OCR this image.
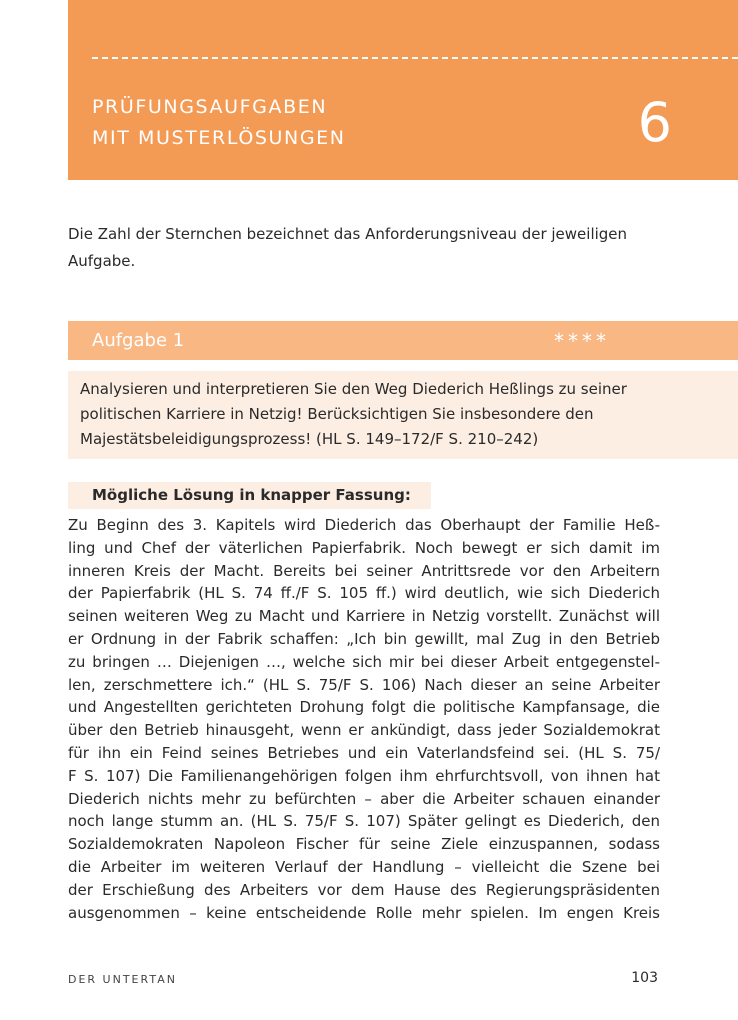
PRÜFUNGSAUFGABEN
MIT MUSTERLÖSUNGEN	6
Die Zahl der Sternchen bezeichnet das Anforderungsniveau der jeweiligen Aufgabe.
Aufgabe 1	****
Analysieren und interpretieren Sie den Weg Diederich Heßlings zu seiner
politischen Karriere in Netzig! Berücksichtigen Sie insbesondere den
Majestätsbeleidigungsprozess! (HL S. 149–172/F S. 210–242)
Mögliche Lösung in knapper Fassung:
Zu Beginn des 3. Kapitels wird Diederich das Oberhaupt der Familie Heß-
ling und Chef der väterlichen Papierfabrik. Noch bewegt er sich damit im
inneren Kreis der Macht. Bereits bei seiner Antrittsrede vor den Arbeitern
der Papierfabrik (HL S. 74 ff./F S. 105 ff.) wird deutlich, wie sich Diederich
seinen weiteren Weg zu Macht und Karriere in Netzig vorstellt. Zunächst will
er Ordnung in der Fabrik schaffen: „Ich bin gewillt, mal Zug in den Betrieb
zu bringen … Diejenigen …, welche sich mir bei dieser Arbeit entgegenstel-
len, zerschmettere ich.“ (HL S. 75/F S. 106) Nach dieser an seine Arbeiter
und Angestellten gerichteten Drohung folgt die politische Kampfansage, die
über den Betrieb hinausgeht, wenn er ankündigt, dass jeder Sozialdemokrat
für ihn ein Feind seines Betriebes und ein Vaterlandsfeind sei. (HL S. 75/
F S. 107) Die Familienangehörigen folgen ihm ehrfurchtsvoll, von ihnen hat
Diederich nichts mehr zu befürchten – aber die Arbeiter schauen einander
noch lange stumm an. (HL S. 75/F S. 107) Später gelingt es Diederich, den
Sozialdemokraten Napoleon Fischer für seine Ziele einzuspannen, sodass
die Arbeiter im weiteren Verlauf der Handlung – vielleicht die Szene bei
der Erschießung des Arbeiters vor dem Hause des Regierungspräsidenten
ausgenommen – keine entscheidende Rolle mehr spielen. Im engen Kreis
DER UNTERTAN	103
